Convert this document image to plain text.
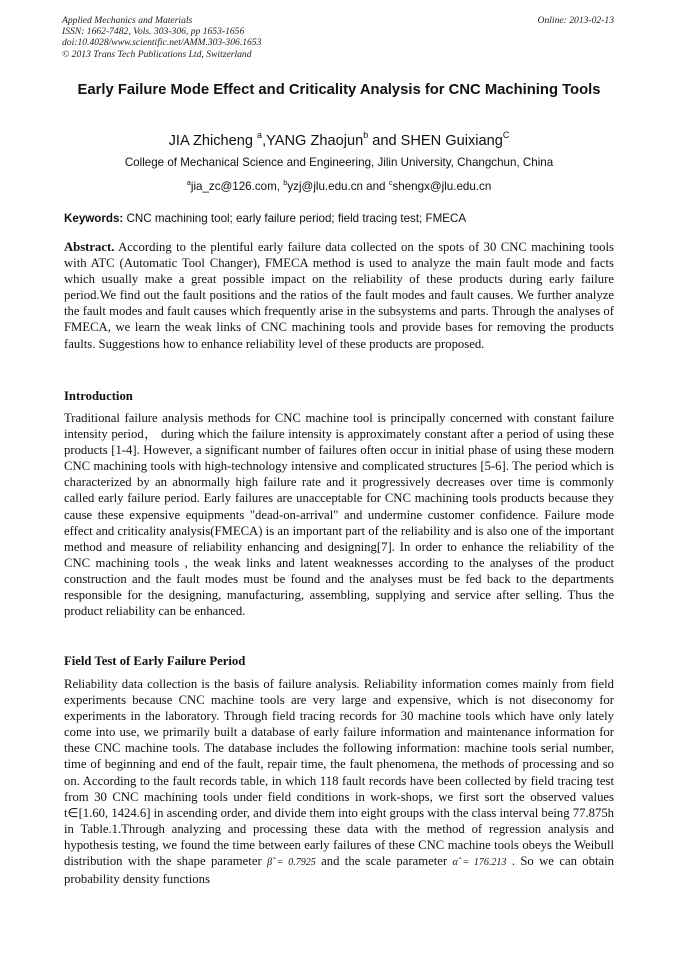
Applied Mechanics and Materials
ISSN: 1662-7482, Vols. 303-306, pp 1653-1656
doi:10.4028/www.scientific.net/AMM.303-306.1653
© 2013 Trans Tech Publications Ltd, Switzerland
Online: 2013-02-13
Early Failure Mode Effect and Criticality Analysis for CNC Machining Tools
JIA Zhicheng $^a$,YANG Zhaojun$^b$ and SHEN Guixiang$^C$
College of Mechanical Science and Engineering, Jilin University, Changchun, China
$^a$jia_zc@126.com, $^b$yzj@jlu.edu.cn and $^c$shengx@jlu.edu.cn
Keywords: CNC machining tool; early failure period; field tracing test; FMECA
Abstract. According to the plentiful early failure data collected on the spots of 30 CNC machining tools with ATC (Automatic Tool Changer), FMECA method is used to analyze the main fault mode and facts which usually make a great possible impact on the reliability of these products during early failure period.We find out the fault positions and the ratios of the fault modes and fault causes. We further analyze the fault modes and fault causes which frequently arise in the subsystems and parts. Through the analyses of FMECA, we learn the weak links of CNC machining tools and provide bases for removing the products faults. Suggestions how to enhance reliability level of these products are proposed.
Introduction
Traditional failure analysis methods for CNC machine tool is principally concerned with constant failure intensity period， during which the failure intensity is approximately constant after a period of using these products [1-4]. However, a significant number of failures often occur in initial phase of using these modern CNC machining tools with high-technology intensive and complicated structures [5-6]. The period which is characterized by an abnormally high failure rate and it progressively decreases over time is commonly called early failure period. Early failures are unacceptable for CNC machining tools products because they cause these expensive equipments "dead-on-arrival" and undermine customer confidence. Failure mode effect and criticality analysis(FMECA) is an important part of the reliability and is also one of the important method and measure of reliability enhancing and designing[7]. In order to enhance the reliability of the CNC machining tools , the weak links and latent weaknesses according to the analyses of the product construction and the fault modes must be found and the analyses must be fed back to the departments responsible for the designing, manufacturing, assembling, supplying and service after selling. Thus the product reliability can be enhanced.
Field Test of Early Failure Period
Reliability data collection is the basis of failure analysis. Reliability information comes mainly from field experiments because CNC machine tools are very large and expensive, which is not diseconomy for experiments in the laboratory. Through field tracing records for 30 machine tools which have only lately come into use, we primarily built a database of early failure information and maintenance information for these CNC machine tools. The database includes the following information: machine tools serial number, time of beginning and end of the fault, repair time, the fault phenomena, the methods of processing and so on. According to the fault records table, in which 118 fault records have been collected by field tracing test from 30 CNC machining tools under field conditions in work-shops, we first sort the observed values t∈[1.60, 1424.6] in ascending order, and divide them into eight groups with the class interval being 77.875h in Table.1.Through analyzing and processing these data with the method of regression analysis and hypothesis testing, we found the time between early failures of these CNC machine tools obeys the Weibull distribution with the shape parameter β̂ = 0.7925 and the scale parameter α̂ = 176.213 . So we can obtain probability density functions
